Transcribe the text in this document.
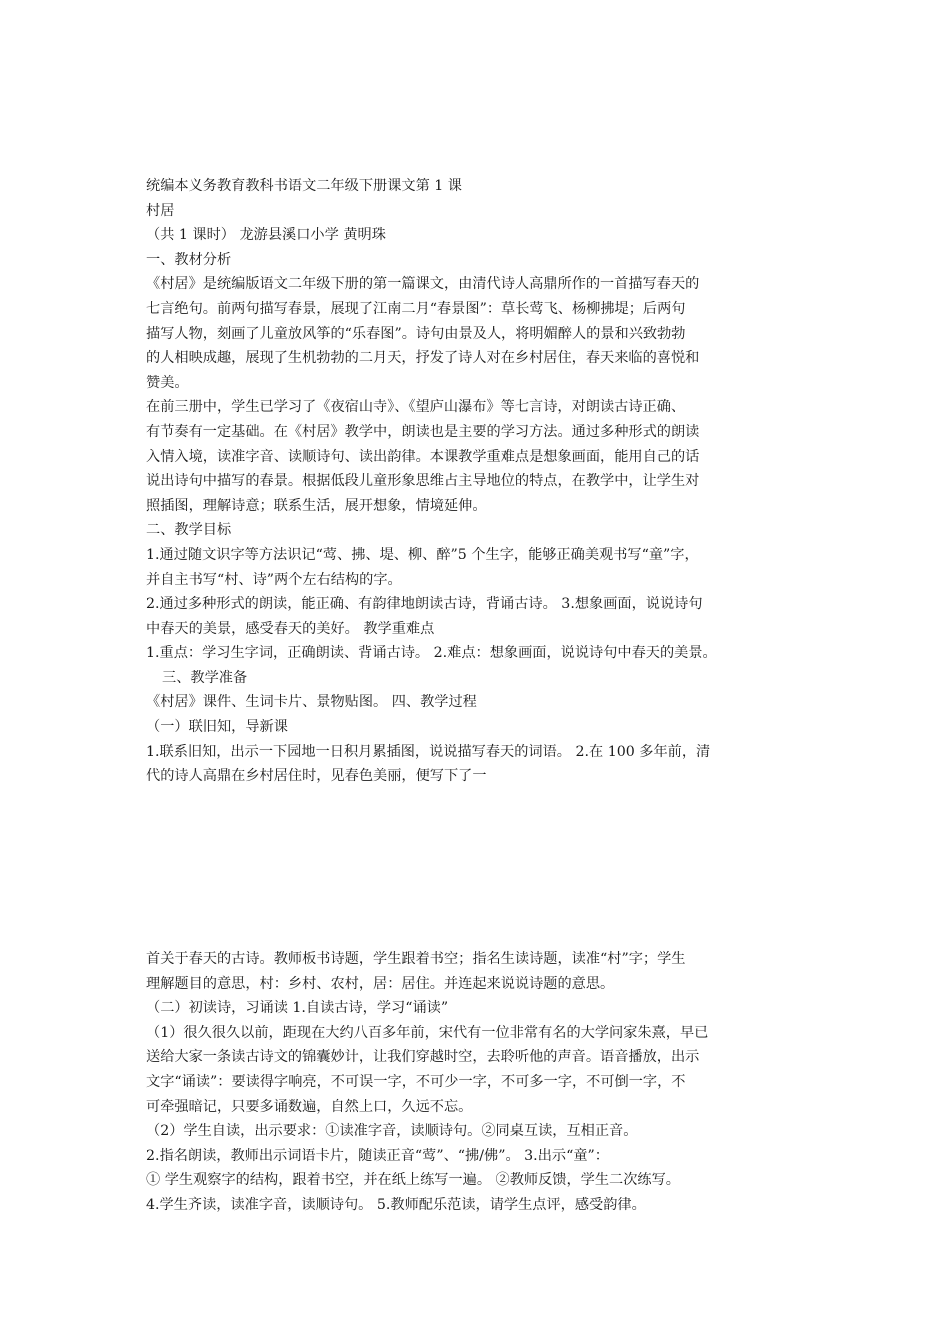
统编本义务教育教科书语文二年级下册课文第 1 课
村居
（共 1 课时） 龙游县溪口小学 黄明珠
一、教材分析
《村居》是统编版语文二年级下册的第一篇课文，由清代诗人高鼎所作的一首描写春天的
七言绝句。前两句描写春景，展现了江南二月“春景图”：草长莺飞、杨柳拂堤；后两句
描写人物，刻画了儿童放风筝的“乐春图”。诗句由景及人，将明媚醉人的景和兴致勃勃
的人相映成趣，展现了生机勃勃的二月天，抒发了诗人对在乡村居住，春天来临的喜悦和
赞美。
在前三册中，学生已学习了《夜宿山寺》、《望庐山瀑布》等七言诗，对朗读古诗正确、
有节奏有一定基础。在《村居》教学中，朗读也是主要的学习方法。通过多种形式的朗读
入情入境，读准字音、读顺诗句、读出韵律。本课教学重难点是想象画面，能用自己的话
说出诗句中描写的春景。根据低段儿童形象思维占主导地位的特点，在教学中，让学生对
照插图，理解诗意；联系生活，展开想象，情境延伸。
二、教学目标
1.通过随文识字等方法识记“莺、拂、堤、柳、醉”5 个生字，能够正确美观书写“童”字，
并自主书写“村、诗”两个左右结构的字。
2.通过多种形式的朗读，能正确、有韵律地朗读古诗，背诵古诗。 3.想象画面，说说诗句
中春天的美景，感受春天的美好。 教学重难点
1.重点：学习生字词，正确朗读、背诵古诗。 2.难点：想象画面，说说诗句中春天的美景。
三、教学准备
《村居》课件、生词卡片、景物贴图。 四、教学过程
（一）联旧知，导新课
1.联系旧知，出示一下园地一日积月累插图，说说描写春天的词语。 2.在 100 多年前，清
代的诗人高鼎在乡村居住时，见春色美丽，便写下了一
首关于春天的古诗。教师板书诗题，学生跟着书空；指名生读诗题，读准“村”字；学生
理解题目的意思，村：乡村、农村，居：居住。并连起来说说诗题的意思。
（二）初读诗，习诵读 1.自读古诗，学习“诵读”
（1）很久很久以前，距现在大约八百多年前，宋代有一位非常有名的大学问家朱熹，早已
送给大家一条读古诗文的锦囊妙计，让我们穿越时空，去聆听他的声音。语音播放，出示
文字“诵读”：要读得字响亮，不可误一字，不可少一字，不可多一字，不可倒一字，不
可牵强暗记，只要多诵数遍，自然上口，久远不忘。
（2）学生自读，出示要求：①读准字音，读顺诗句。②同桌互读，互相正音。
2.指名朗读，教师出示词语卡片，随读正音“莺”、“拂/佛”。 3.出示“童”：
① 学生观察字的结构，跟着书空，并在纸上练写一遍。 ②教师反馈，学生二次练写。
4.学生齐读，读准字音，读顺诗句。 5.教师配乐范读，请学生点评，感受韵律。
